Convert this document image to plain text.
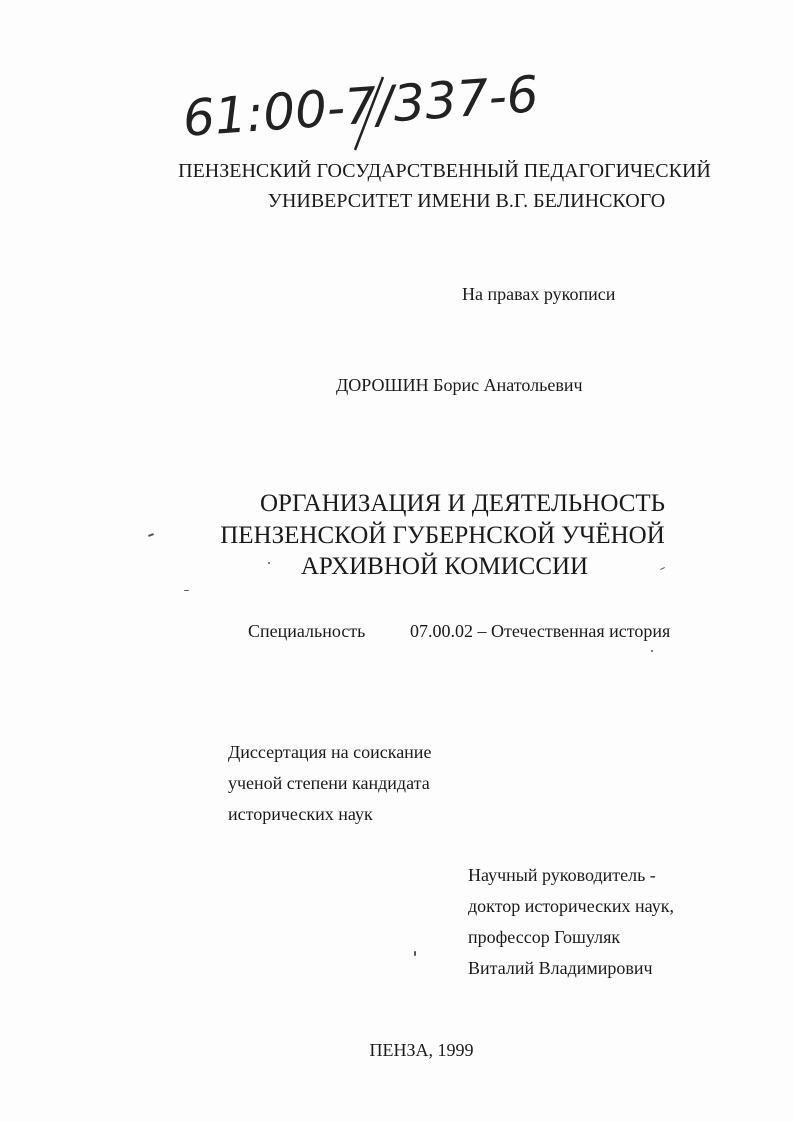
61:00-7/337-6
ПЕНЗЕНСКИЙ ГОСУДАРСТВЕННЫЙ ПЕДАГОГИЧЕСКИЙ
УНИВЕРСИТЕТ ИМЕНИ В.Г. БЕЛИНСКОГО
На правах рукописи
ДОРОШИН Борис Анатольевич
ОРГАНИЗАЦИЯ И ДЕЯТЕЛЬНОСТЬ
ПЕНЗЕНСКОЙ ГУБЕРНСКОЙ УЧЁНОЙ
АРХИВНОЙ КОМИССИИ
Специальность 07.00.02 – Отечественная история
Диссертация на соискание
ученой степени кандидата
исторических наук
Научный руководитель -
доктор исторических наук,
профессор Гошуляк
Виталий Владимирович
ПЕНЗА, 1999
